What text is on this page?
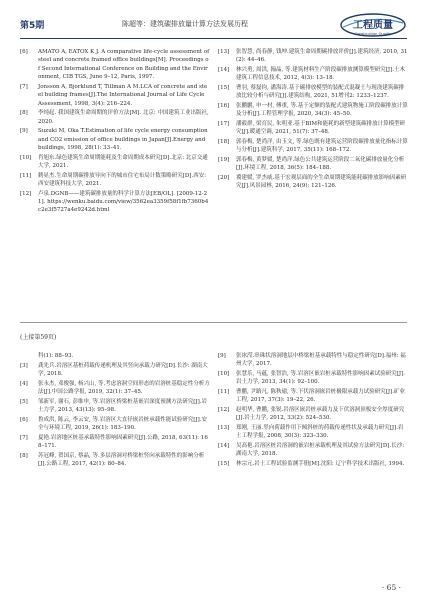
第5期	陈超等：建筑碳排放量计算方法发展历程	工程质量
Construction Quality
[6]	AMATO A, EATOX K J. A comparative life-cycle assessment of steel and concrete framed office buildings[M]. Proceedings of Second International Conference on Building and the Environment, CIB TGS, June 9–12, Paris, 1997.
[7]	Jonsson A, Bjorklund T, Tillman A M.LCA of concrete and steel building frames[J].The International Journal of Life Cycle Assessment, 1998, 3(4): 216–224.
[8]	李纯起. 我国建筑生命周期的评价方法[M]. 北京: 中国建筑工业出版社, 2020.
[9]	Suzuki M, Oka T.Estimation of life cycle energy consumption and CO2 emission of office buildings in Japan[J].Energy and buildings, 1998, 28(1): 33–41.
[10]	肖旭东.绿色建筑生命周期能耗及生命周期成本研究[D].北京: 北京交通大学, 2021.
[11]	鹤显杰.生命周期碳排放导向下的城市住宅布局计数策略研究[D].西安: 西安建筑科技大学, 2021.
[12]	卢泉.DGNB——建筑碳排放量的科学计算方法[EB/OL]. [2009-12-21]. https://wenku.baidu.com/view/3562ea3359f58f1fb7360b4c2e3f5727a4e9242d.html
[13]	张智慧, 尚春静, 钱坤.建筑生命周期碳排放评价[J].建筑经济, 2010, 31(2): 44–46.
[14]	林兴勇, 周洪, 翰晶, 等.建筑材料生产阶段碳排放测算模型研究[J].土木建筑工程信息技术, 2012, 4(3): 13–18.
[15]	曹羽, 蔡磊钧, 潘海涛.基于碳排放模型的装配式混凝土与现浇建筑碳排放比较分析与研究[J].建筑结构, 2021, 51增刊2: 1233–1237.
[16]	张鹏鹏, 申一村, 傅重, 等.基于定额的装配式建筑物施工阶段碳排放计算及分析[J].工程管理学报, 2020, 34(3): 45–50.
[17]	潘毅群, 梁育民, 朱明亚.基于BIM和能耗的新型建筑碳排放计算模型研究[J].暖通空调, 2021, 51(7): 37–48.
[18]	郭春梅, 楚尚洋, 由玉文, 等.绿色既有建筑运营阶段碳排放量化指标计算与分析[J].建筑科学, 2017, 35(11): 168–172.
[19]	郭春梅, 黄梦媛, 楚尚洋.绿色公共建筑运营阶段二氧化碳排放量化分析[J].环境工程, 2018, 36(5): 184–188.
[20]	冀建媛, 罗杰威.基于宏观层面的全生命周期建筑能耗碳排放影响因素研究[J].风景园林, 2016, 24(9): 121–126.
(上接第59页)
科(1): 88–93.
[3]	龚先兵.岩溶区基桩荷载传递机理及其竖向承载力研究[D].长沙: 湖南大学, 2018.
[4]	张永杰, 邓俊强, 杨兴山, 等.考虑溶洞空间形态的岩溶桩基稳定性分析方法[J].中国公路学报, 2019, 32(1): 37–45.
[5]	邹新军, 谢石, 彭维申, 等.岩溶区桥梁桩基嵌岩深度预测方法研究[J].岩土力学, 2013, 43(13): 95–98.
[6]	鲁成洪, 陈云, 李云安, 等.岩溶区大直径嵌岩桩承载性能试验研究[J].安全与环境工程, 2019, 26(1): 183–190.
[7]	夏艳.岩溶地区桩基承载特性影响因素研究[J].公路, 2018, 63(11): 168–171.
[8]	苏冠峰, 贺国京, 蔡晶, 等.多层溶洞对桥梁桩竖向承载特性的影响分析[J].公路工程, 2017, 42(1): 80–84.
[9]	张冰滢.串珠状溶洞地层中桥梁桩基承载特性与稳定性研究[D].福州: 福州大学, 2017.
[10]	张慧乐, 马蕴, 张智浩, 等.岩溶区嵌岩桩承载特性影响因素试验研究[J].岩土力学, 2013, 34(1): 92–100.
[11]	曹鹏, 尹路凡, 陈秋瑜, 等.下伏溶洞嵌岩桩极限承载力试验研究[J].矿业工程, 2017, 37(3): 19–22, 26.
[12]	赵明华, 曹鹏, 张锐.岩溶区嵌岩桩承载力及下伏溶洞顶板安全厚度研究[J].岩土力学, 2012, 33(2): 524–530.
[13]	郑刚, 王丽.竖向荷载作用下倾斜桩的荷载传递性状及承载力研究[J].岩土工程学报, 2008, 30(3): 323–330.
[14]	吴高艳.岩溶区桩岩溶洞的嵌岩桩承载机理及其试验方法研究[D].长沙: 湖南大学, 2018.
[15]	林宗元.岩土工程试验监测手册[M].沈阳: 辽宁科学技术出版社, 1994.
· 65 ·
